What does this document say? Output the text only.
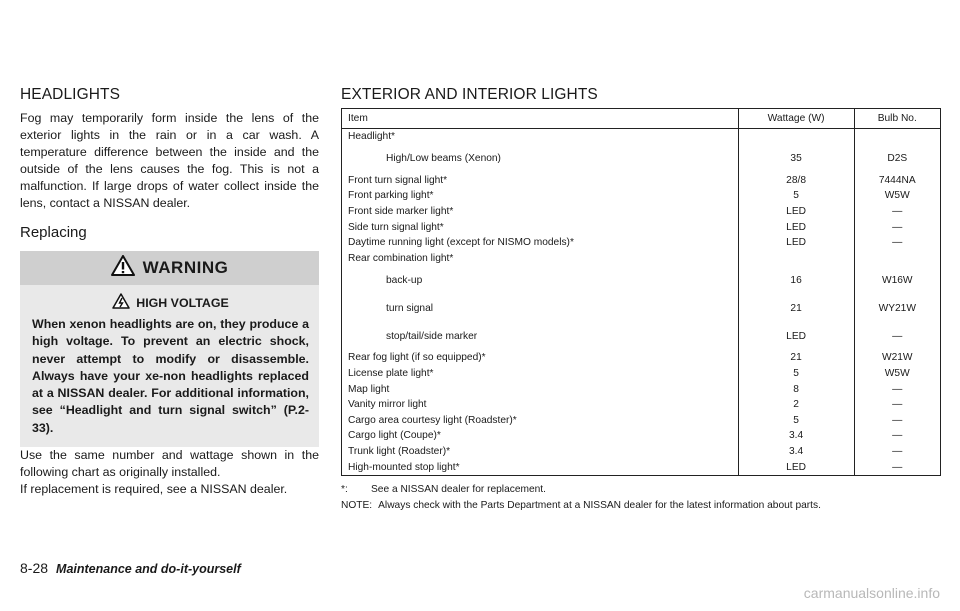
HEADLIGHTS

Fog may temporarily form inside the lens of the exterior lights in the rain or in a car wash. A temperature difference between the inside and the outside of the lens causes the fog. This is not a malfunction. If large drops of water collect inside the lens, contact a NISSAN dealer.

Replacing
WARNING
HIGH VOLTAGE

When xenon headlights are on, they produce a high voltage. To prevent an electric shock, never attempt to modify or disassemble. Always have your xe-non headlights replaced at a NISSAN dealer. For additional information, see “Headlight and turn signal switch” (P.2-33).

Use the same number and wattage shown in the following chart as originally installed.

If replacement is required, see a NISSAN dealer.

EXTERIOR AND INTERIOR LIGHTS
Item	Wattage (W)	Bulb No.
Headlight*		
High/Low beams (Xenon)	35	D2S
Front turn signal light*	28/8	7444NA
Front parking light*	5	W5W
Front side marker light*	LED	—
Side turn signal light*	LED	—
Daytime running light (except for NISMO models)*	LED	—
Rear combination light*		
back-up	16	W16W
turn signal	21	WY21W
stop/tail/side marker	LED	—
Rear fog light (if so equipped)*	21	W21W
License plate light*	5	W5W
Map light	8	—
Vanity mirror light	2	—
Cargo area courtesy light (Roadster)*	5	—
Cargo light (Coupe)*	3.4	—
Trunk light (Roadster)*	3.4	—
High-mounted stop light*	LED	—
*:	See a NISSAN dealer for replacement.
NOTE: Always check with the Parts Department at a NISSAN dealer for the latest information about parts.
8-28 Maintenance and do-it-yourself
carmanualsonline.info
